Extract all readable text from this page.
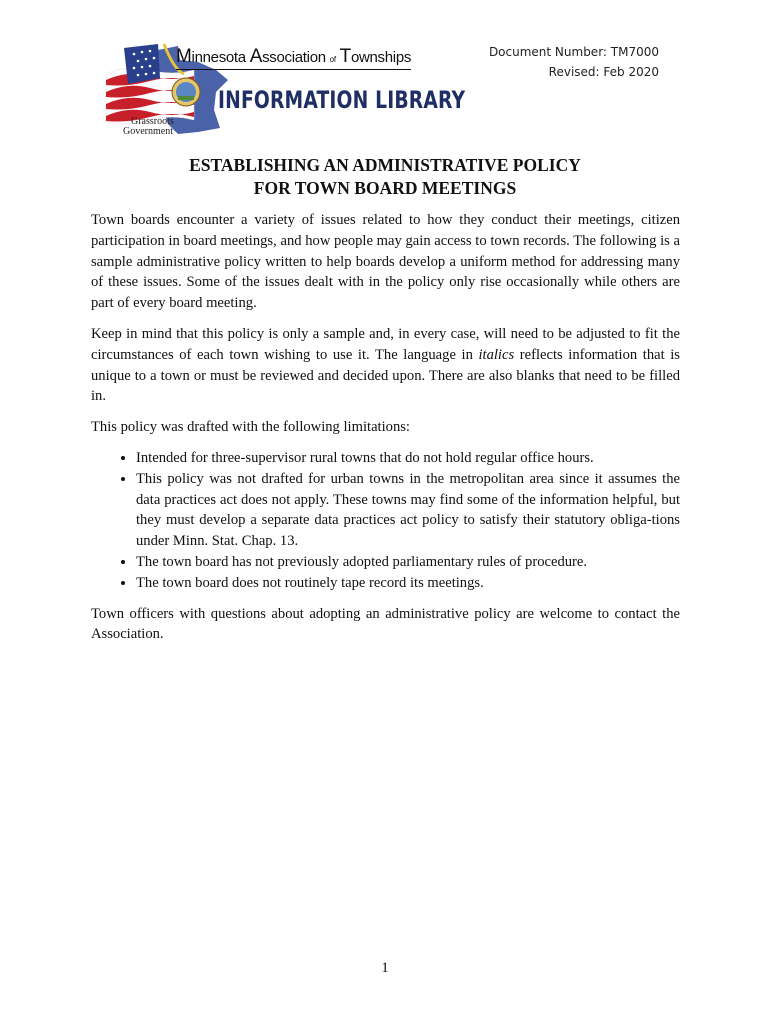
Minnesota Association of Townships
INFORMATION LIBRARY
Grassroots
Government
Document Number: TM7000
Revised: Feb 2020
ESTABLISHING AN ADMINISTRATIVE POLICY
FOR TOWN BOARD MEETINGS

Town boards encounter a variety of issues related to how they conduct their meetings, citizen participation in board meetings, and how people may gain access to town records. The following is a sample administrative policy written to help boards develop a uniform method for addressing many of these issues. Some of the issues dealt with in the policy only rise occasionally while others are part of every board meeting.

Keep in mind that this policy is only a sample and, in every case, will need to be adjusted to fit the circumstances of each town wishing to use it. The language in italics reflects information that is unique to a town or must be reviewed and decided upon. There are also blanks that need to be filled in.

This policy was drafted with the following limitations:

• Intended for three-supervisor rural towns that do not hold regular office hours.
• This policy was not drafted for urban towns in the metropolitan area since it assumes the data practices act does not apply. These towns may find some of the information helpful, but they must develop a separate data practices act policy to satisfy their statutory obliga-tions under Minn. Stat. Chap. 13.
• The town board has not previously adopted parliamentary rules of procedure.
• The town board does not routinely tape record its meetings.

Town officers with questions about adopting an administrative policy are welcome to contact the Association.

1
